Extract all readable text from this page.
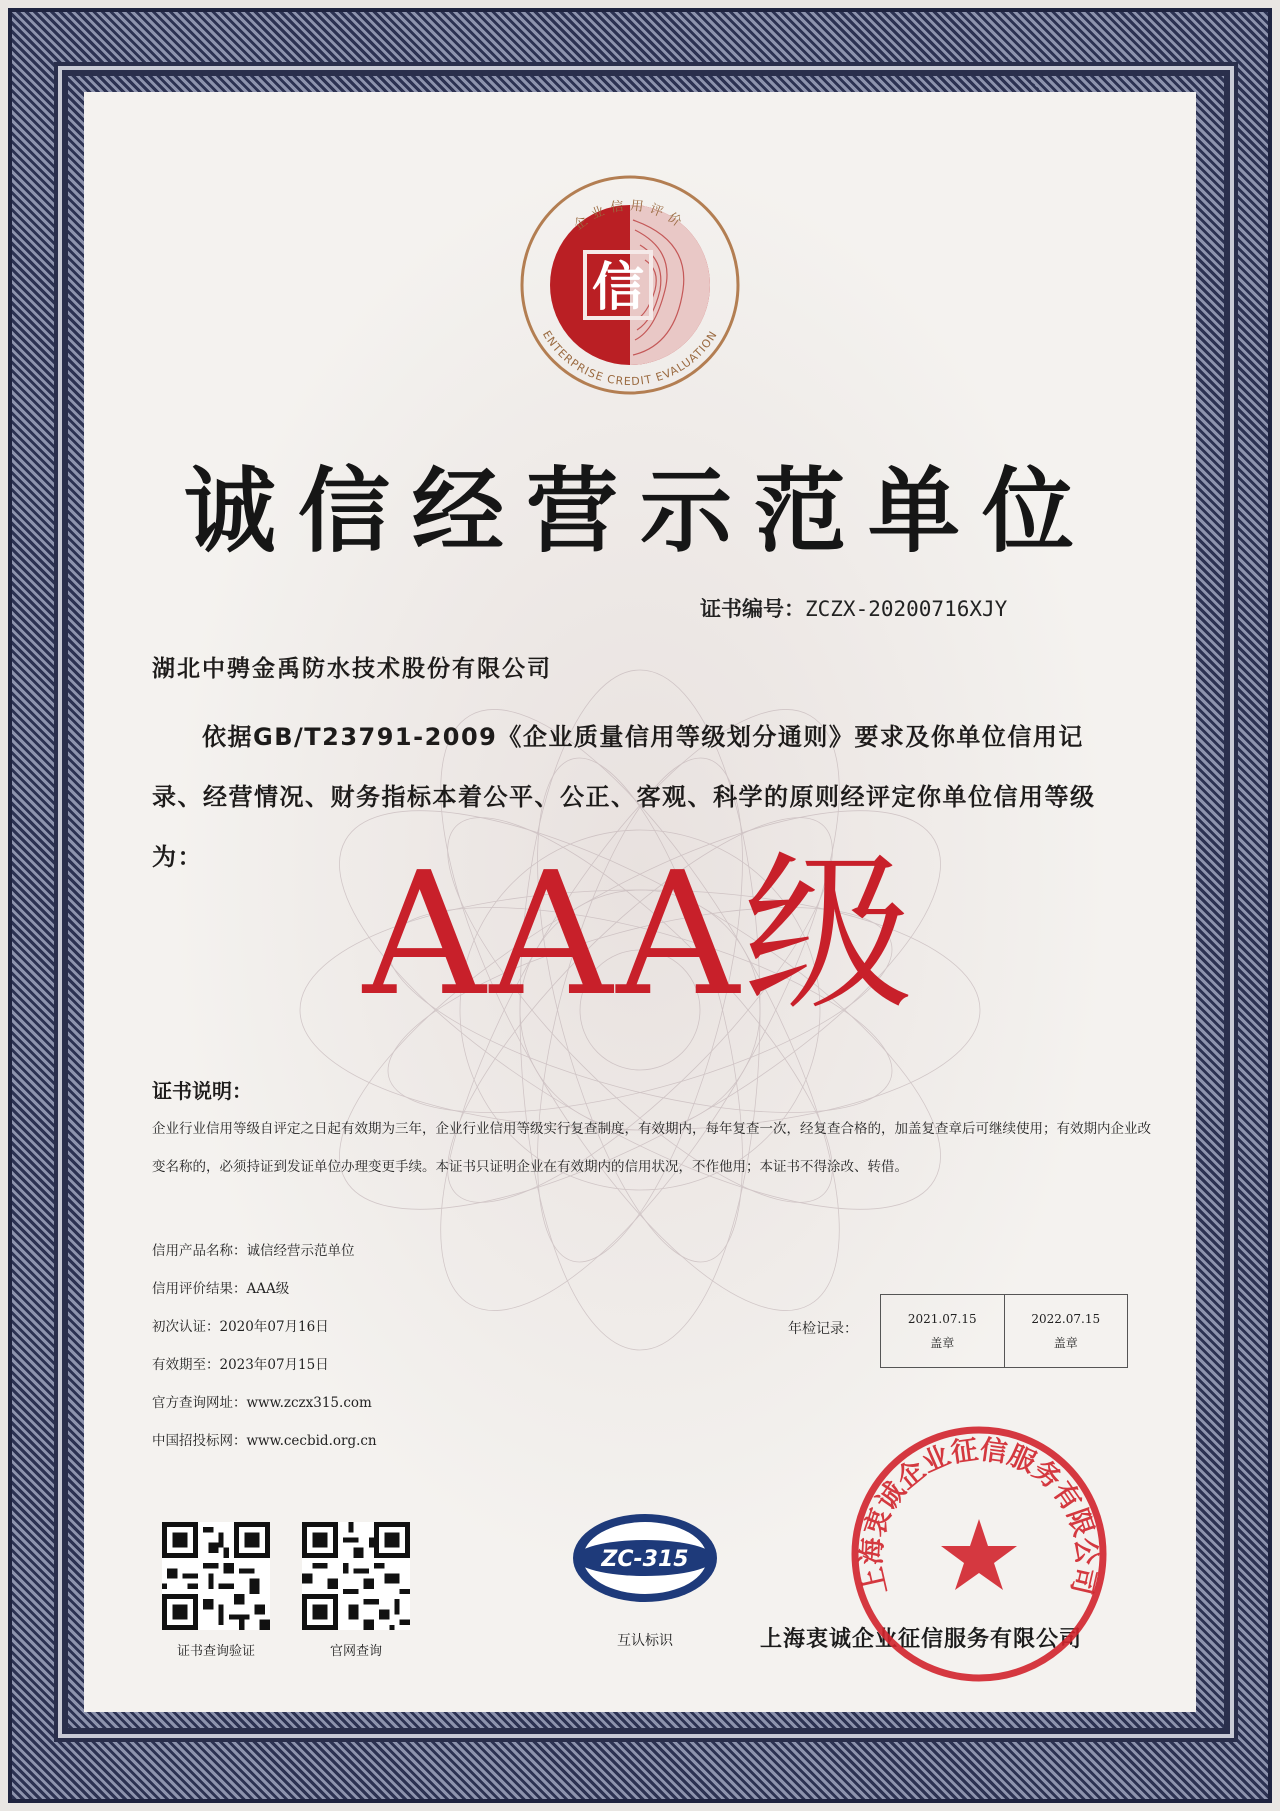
信
企业信用评价
ENTERPRISE CREDIT EVALUATION
诚信经营示范单位
证书编号：ZCZX-20200716XJY
湖北中骋金禹防水技术股份有限公司

依据GB/T23791-2009《企业质量信用等级划分通则》要求及你单位信用记录、经营情况、财务指标本着公平、公正、客观、科学的原则经评定你单位信用等级为： AAA级
证书说明：

企业行业信用等级自评定之日起有效期为三年，企业行业信用等级实行复查制度，有效期内，每年复查一次，经复查合格的，加盖复查章后可继续使用；有效期内企业改变名称的，必须持证到发证单位办理变更手续。本证书只证明企业在有效期内的信用状况，不作他用；本证书不得涂改、转借。

信用产品名称：诚信经营示范单位
信用评价结果：AAA级
初次认证：2020年07月16日
有效期至：2023年07月15日
官方查询网址：www.zczx315.com
中国招投标网：www.cecbid.org.cn
年检记录：
2021.07.15
盖章
2022.07.15
盖章
证书查询验证	官网查询
ZC-315
互认标识	上海衷诚企业征信服务有限公司
上海衷诚企业征信服务有限公司
